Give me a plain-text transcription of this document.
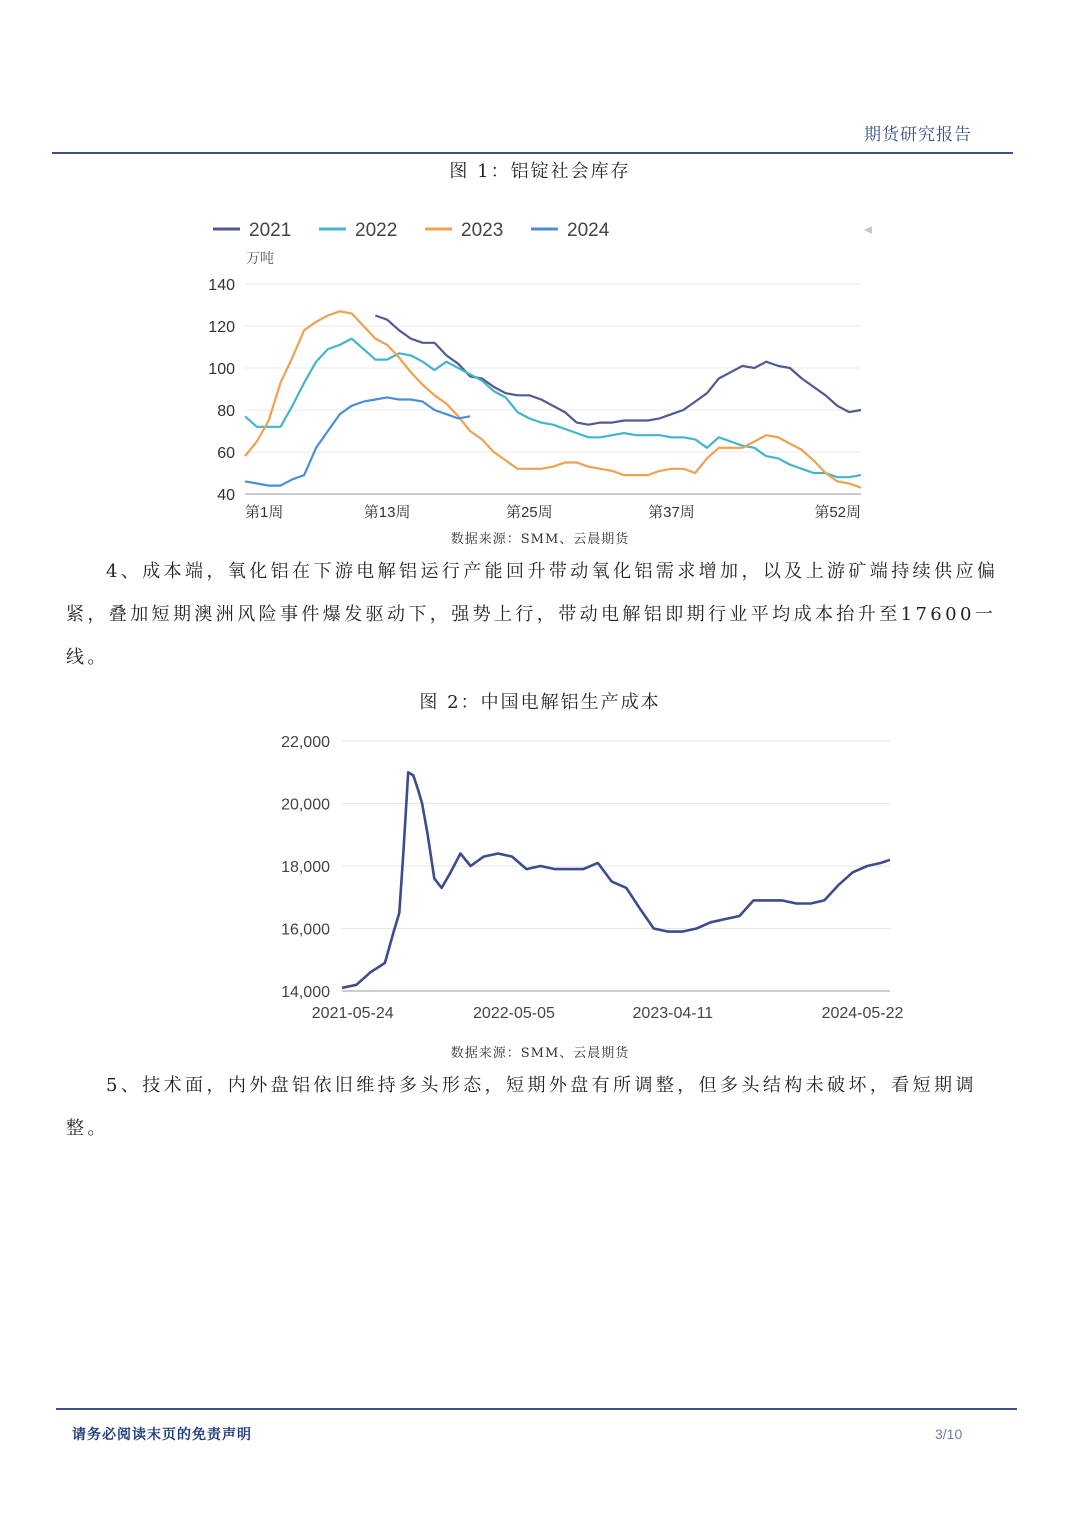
期货研究报告
图 1：铝锭社会库存
40
60
80
100
120
140
万吨
第1周	第13周	第25周	第37周	第52周
2021	2022	2023	2024
数据来源：SMM、云晨期货
4、成本端，氧化铝在下游电解铝运行产能回升带动氧化铝需求增加，以及上游矿端持续供应偏紧，叠加短期澳洲风险事件爆发驱动下，强势上行，带动电解铝即期行业平均成本抬升至17600一线。
图 2：中国电解铝生产成本
14,000
16,000
18,000
20,000
22,000
2021-05-24	2022-05-05	2023-04-11	2024-05-22
数据来源：SMM、云晨期货
5、技术面，内外盘铝依旧维持多头形态，短期外盘有所调整，但多头结构未破坏，看短期调整。
请务必阅读末页的免责声明	3/10
